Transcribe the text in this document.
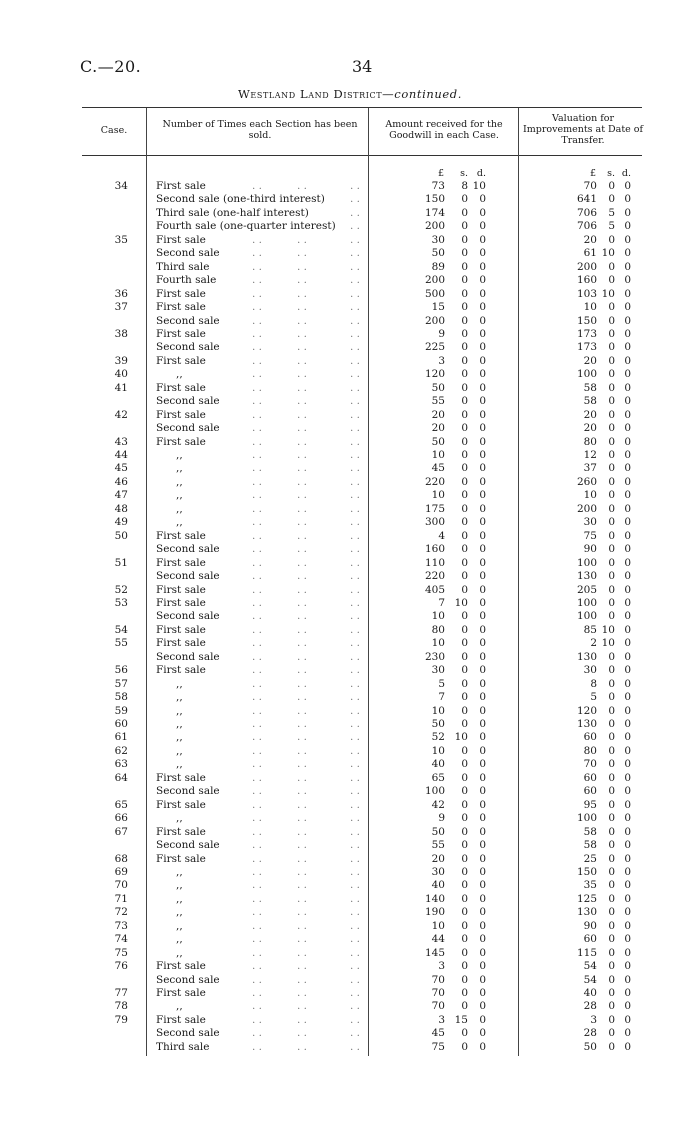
C.—20.	34
Westland Land District—continued.
Case.
Number of Times each Section has been sold.
Amount received for the Goodwill in each Case.
Valuation for Improvements at Date of Transfer.
£	s. d.	£	s. d.
34	First sale	. .	. .	. .	73	8 10	70	0 0
Second sale (one-third interest)	. .	150	0	0	641	0 0
Third sale (one-half interest)	. .	174	0	0	706	5 0
Fourth sale (one-quarter interest)	. .	200	0	0	706	5 0
35	First sale	. .	. .	. .	30	0	0	20	0 0
Second sale	. .	. .	. .	50	0	0	61 10 0
Third sale	. .	. .	. .	89	0	0	200	0 0
Fourth sale	. .	. .	. .	200	0	0	160	0 0
36	First sale	. .	. .	. .	500	0	0	103 10 0
37	First sale	. .	. .	. .	15	0	0	10	0 0
Second sale	. .	. .	. .	200	0	0	150	0 0
38	First sale	. .	. .	. .	9	0	0	173	0 0
Second sale	. .	. .	. .	225	0	0	173	0 0
39	First sale	. .	. .	. .	3	0	0	20	0 0
40	,,	. .	. .	. .	120	0	0	100	0 0
41	First sale	. .	. .	. .	50	0	0	58	0 0
Second sale	. .	. .	. .	55	0	0	58	0 0
42	First sale	. .	. .	. .	20	0	0	20	0 0
Second sale	. .	. .	. .	20	0	0	20	0 0
43	First sale	. .	. .	. .	50	0	0	80	0 0
44	,,	. .	. .	. .	10	0	0	12	0 0
45	,,	. .	. .	. .	45	0	0	37	0 0
46	,,	. .	. .	. .	220	0	0	260	0 0
47	,,	. .	. .	. .	10	0	0	10	0 0
48	,,	. .	. .	. .	175	0	0	200	0 0
49	,,	. .	. .	. .	300	0	0	30	0 0
50	First sale	. .	. .	. .	4	0	0	75	0 0
Second sale	. .	. .	. .	160	0	0	90	0 0
51	First sale	. .	. .	. .	110	0	0	100	0 0
Second sale	. .	. .	. .	220	0	0	130	0 0
52	First sale	. .	. .	. .	405	0	0	205	0 0
53	First sale	. .	. .	. .	7 10	0	100	0 0
Second sale	. .	. .	. .	10	0	0	100	0 0
54	First sale	. .	. .	. .	80	0	0	85 10 0
55	First sale	. .	. .	. .	10	0	0	2 10 0
Second sale	. .	. .	. .	230	0	0	130	0 0
56	First sale	. .	. .	. .	30	0	0	30	0 0
57	,,	. .	. .	. .	5	0	0	8	0 0
58	,,	. .	. .	. .	7	0	0	5	0 0
59	,,	. .	. .	. .	10	0	0	120	0 0
60	,,	. .	. .	. .	50	0	0	130	0 0
61	,,	. .	. .	. .	52 10	0	60	0 0
62	,,	. .	. .	. .	10	0	0	80	0 0
63	,,	. .	. .	. .	40	0	0	70	0 0
64	First sale	. .	. .	. .	65	0	0	60	0 0
Second sale	. .	. .	. .	100	0	0	60	0 0
65	First sale	. .	. .	. .	42	0	0	95	0 0
66	,,	. .	. .	. .	9	0	0	100	0 0
67	First sale	. .	. .	. .	50	0	0	58	0 0
Second sale	. .	. .	. .	55	0	0	58	0 0
68	First sale	. .	. .	. .	20	0	0	25	0 0
69	,,	. .	. .	. .	30	0	0	150	0 0
70	,,	. .	. .	. .	40	0	0	35	0 0
71	,,	. .	. .	. .	140	0	0	125	0 0
72	,,	. .	. .	. .	190	0	0	130	0 0
73	,,	. .	. .	. .	10	0	0	90	0 0
74	,,	. .	. .	. .	44	0	0	60	0 0
75	,,	. .	. .	. .	145	0	0	115	0 0
76	First sale	. .	. .	. .	3	0	0	54	0 0
Second sale	. .	. .	. .	70	0	0	54	0 0
77	First sale	. .	. .	. .	70	0	0	40	0 0
78	,,	. .	. .	. .	70	0	0	28	0 0
79	First sale	. .	. .	. .	3 15	0	3	0 0
Second sale	. .	. .	. .	45	0	0	28	0 0
Third sale	. .	. .	. .	75	0	0	50	0 0
